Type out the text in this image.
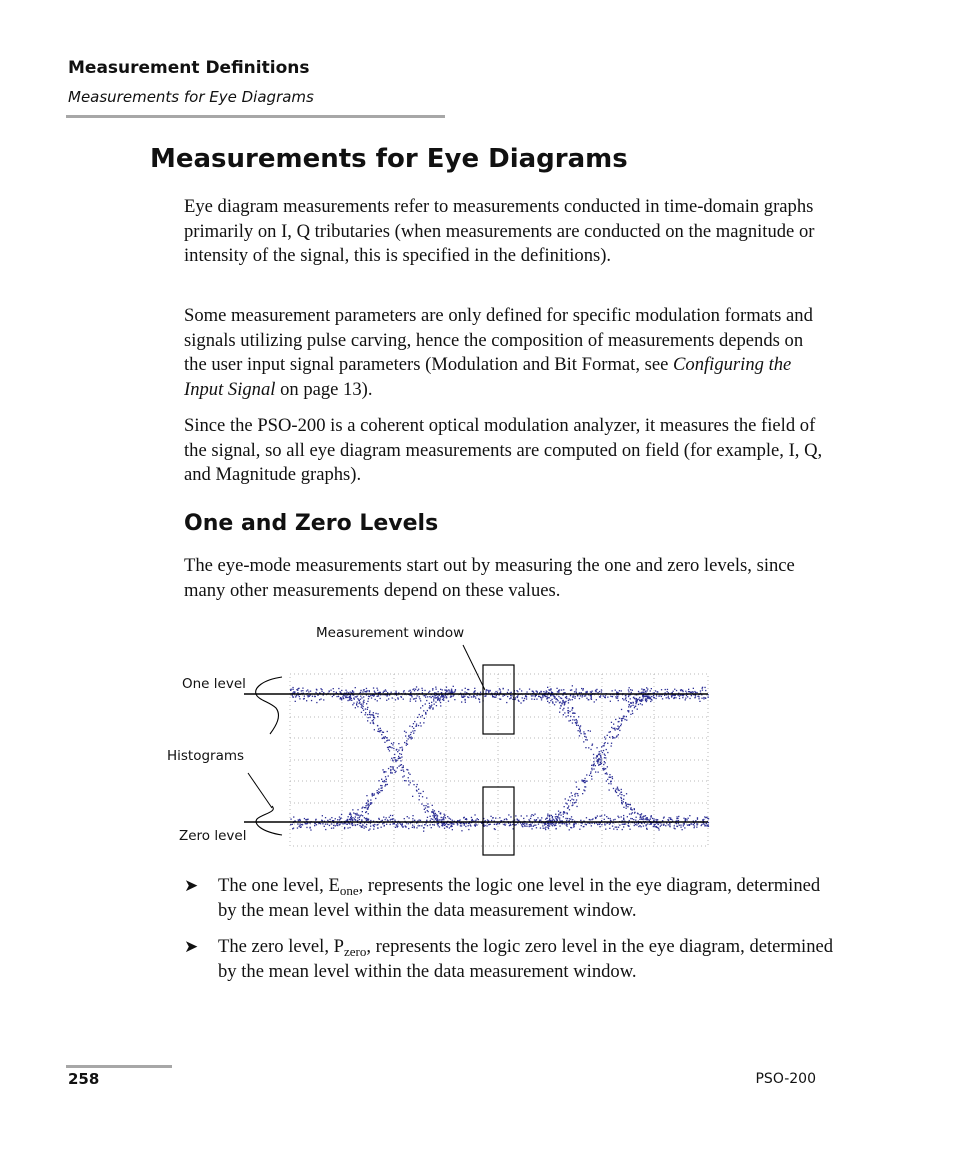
Measurement Definitions
Measurements for Eye Diagrams
Measurements for Eye Diagrams

Eye diagram measurements refer to measurements conducted in time-domain graphs primarily on I, Q tributaries (when measurements are conducted on the magnitude or intensity of the signal, this is specified in the definitions).

Some measurement parameters are only defined for specific modulation formats and signals utilizing pulse carving, hence the composition of measurements depends on the user input signal parameters (Modulation and Bit Format, see Configuring the Input Signal on page 13).

Since the PSO-200 is a coherent optical modulation analyzer, it measures the field of the signal, so all eye diagram measurements are computed on field (for example, I, Q, and Magnitude graphs).

One and Zero Levels

The eye-mode measurements start out by measuring the one and zero levels, since many other measurements depend on these values.

Measurement window
One level
Histograms
Zero level
➤ The one level, $E_{one}$, represents the logic one level in the eye diagram, determined by the mean level within the data measurement window.
➤ The zero level, $P_{zero}$, represents the logic zero level in the eye diagram, determined by the mean level within the data measurement window.
258	PSO-200
